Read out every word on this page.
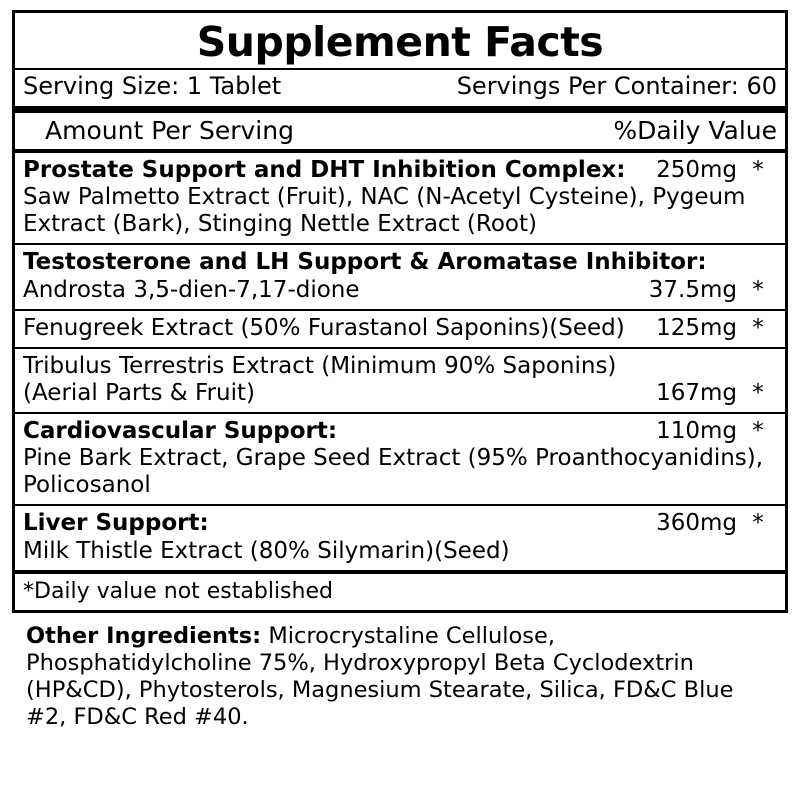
Supplement Facts
Serving Size: 1 Tablet	Servings Per Container: 60
Amount Per Serving	%Daily Value
Prostate Support and DHT Inhibition Complex:	250mg *
Saw Palmetto Extract (Fruit), NAC (N-Acetyl Cysteine), Pygeum Extract (Bark), Stinging Nettle Extract (Root)
Testosterone and LH Support & Aromatase Inhibitor:
Androsta 3,5-dien-7,17-dione	37.5mg *
Fenugreek Extract (50% Furastanol Saponins)(Seed)	125mg *
Tribulus Terrestris Extract (Minimum 90% Saponins)
(Aerial Parts & Fruit)	167mg *
Cardiovascular Support:	110mg *
Pine Bark Extract, Grape Seed Extract (95% Proanthocyanidins), Policosanol
Liver Support:	360mg *
Milk Thistle Extract (80% Silymarin)(Seed)
*Daily value not established
Other Ingredients: Microcrystaline Cellulose, Phosphatidylcholine 75%, Hydroxypropyl Beta Cyclodextrin (HP&CD), Phytosterols, Magnesium Stearate, Silica, FD&C Blue #2, FD&C Red #40.
